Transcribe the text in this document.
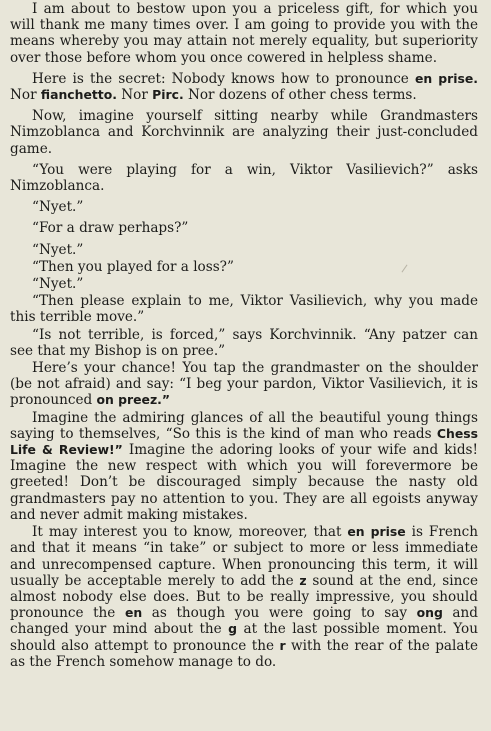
I am about to bestow upon you a priceless gift, for which you will thank me many times over. I am going to provide you with the means whereby you may attain not merely equality, but superiority over those before whom you once cowered in helpless shame.

Here is the secret: Nobody knows how to pronounce en prise. Nor fianchetto. Nor Pirc. Nor dozens of other chess terms.

Now, imagine yourself sitting nearby while Grandmasters Nimzoblanca and Korchvinnik are analyzing their just-concluded game.

“You were playing for a win, Viktor Vasilievich?” asks Nimzoblanca.

“Nyet.”

“For a draw perhaps?”

“Nyet.”

“Then you played for a loss?”

“Nyet.”

“Then please explain to me, Viktor Vasilievich, why you made this terrible move.”

“Is not terrible, is forced,” says Korchvinnik. “Any patzer can see that my Bishop is on pree.”

Here’s your chance! You tap the grandmaster on the shoulder (be not afraid) and say: “I beg your pardon, Viktor Vasilievich, it is pronounced on preez.”

Imagine the admiring glances of all the beautiful young things saying to themselves, “So this is the kind of man who reads Chess Life & Review!” Imagine the adoring looks of your wife and kids! Imagine the new respect with which you will forevermore be greeted! Don’t be discouraged simply because the nasty old grandmasters pay no attention to you. They are all egoists anyway and never admit making mistakes.

It may interest you to know, moreover, that en prise is French and that it means “in take” or subject to more or less immediate and unrecompensed capture. When pronouncing this term, it will usually be acceptable merely to add the z sound at the end, since almost nobody else does. But to be really impressive, you should pronounce the en as though you were going to say ong and changed your mind about the g at the last possible moment. You should also attempt to pronounce the r with the rear of the palate as the French somehow manage to do.
